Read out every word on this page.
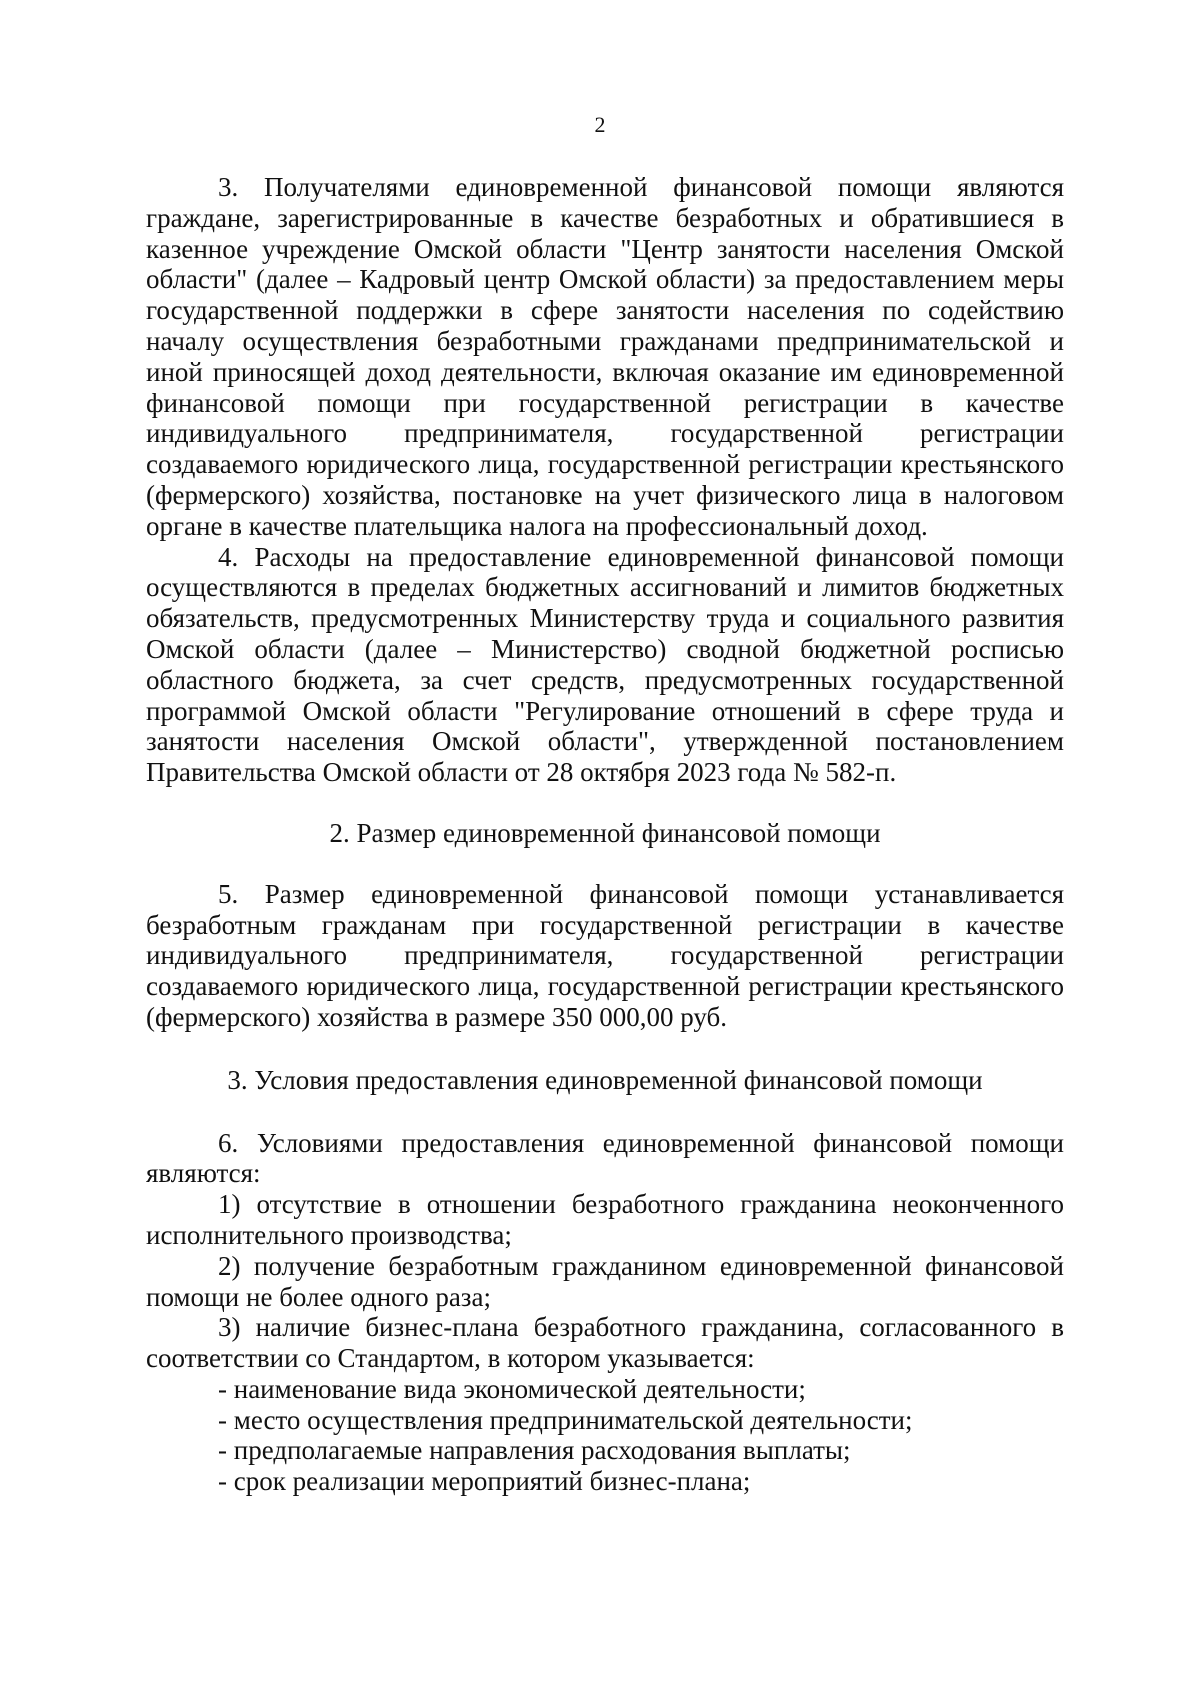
2

3. Получателями единовременной финансовой помощи являются граждане, зарегистрированные в качестве безработных и обратившиеся в казенное учреждение Омской области "Центр занятости населения Омской области" (далее – Кадровый центр Омской области) за предоставлением меры государственной поддержки в сфере занятости населения по содействию началу осуществления безработными гражданами предпринимательской и иной приносящей доход деятельности, включая оказание им единовременной финансовой помощи при государственной регистрации в качестве индивидуального предпринимателя, государственной регистрации создаваемого юридического лица, государственной регистрации крестьянского (фермерского) хозяйства, постановке на учет физического лица в налоговом органе в качестве плательщика налога на профессиональный доход.

4. Расходы на предоставление единовременной финансовой помощи осуществляются в пределах бюджетных ассигнований и лимитов бюджетных обязательств, предусмотренных Министерству труда и социального развития Омской области (далее – Министерство) сводной бюджетной росписью областного бюджета, за счет средств, предусмотренных государственной программой Омской области "Регулирование отношений в сфере труда и занятости населения Омской области", утвержденной постановлением Правительства Омской области от 28 октября 2023 года № 582-п.

2. Размер единовременной финансовой помощи

5. Размер единовременной финансовой помощи устанавливается безработным гражданам при государственной регистрации в качестве индивидуального предпринимателя, государственной регистрации создаваемого юридического лица, государственной регистрации крестьянского (фермерского) хозяйства в размере 350 000,00 руб.

3. Условия предоставления единовременной финансовой помощи

6. Условиями предоставления единовременной финансовой помощи являются:

1) отсутствие в отношении безработного гражданина неоконченного исполнительного производства;

2) получение безработным гражданином единовременной финансовой помощи не более одного раза;

3) наличие бизнес-плана безработного гражданина, согласованного в соответствии со Стандартом, в котором указывается:

- наименование вида экономической деятельности;

- место осуществления предпринимательской деятельности;

- предполагаемые направления расходования выплаты;

- срок реализации мероприятий бизнес-плана;
